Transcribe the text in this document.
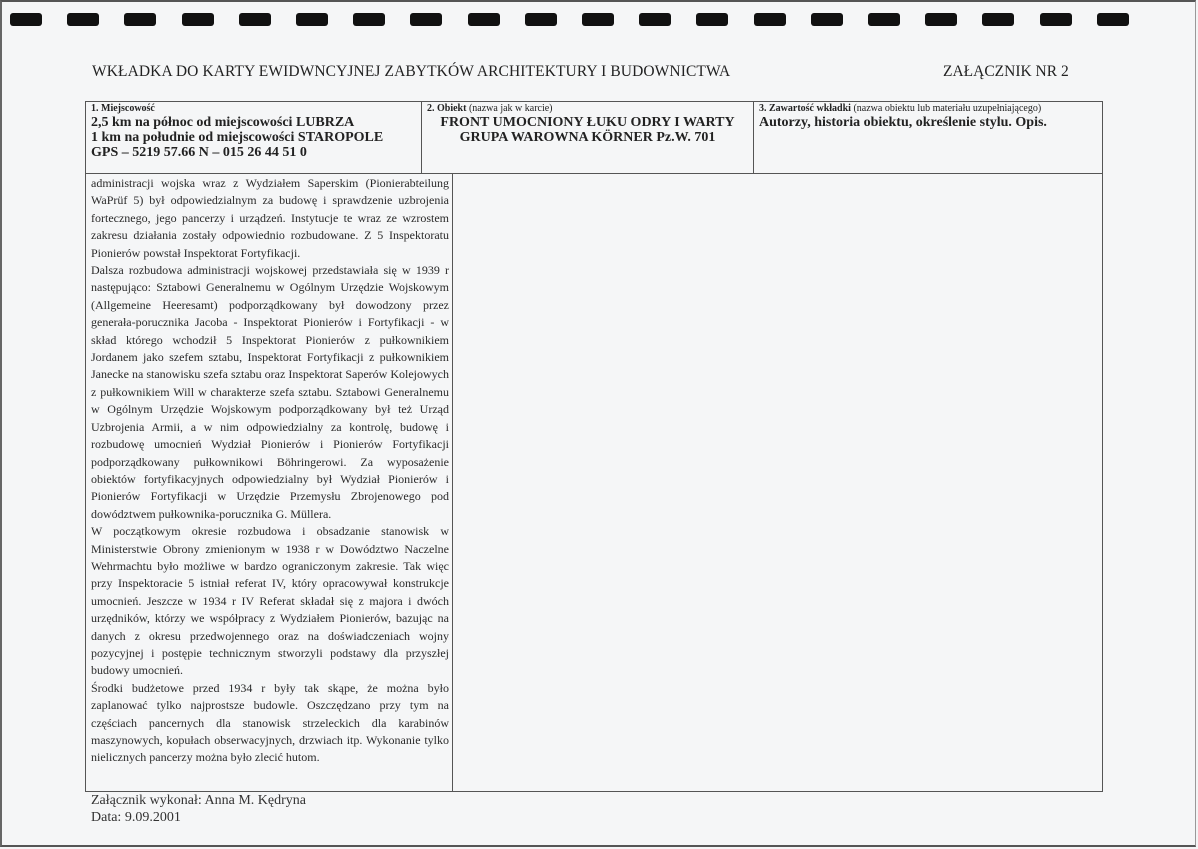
WKŁADKA DO KARTY EWIDWNCYJNEJ ZABYTKÓW ARCHITEKTURY I BUDOWNICTWA	ZAŁĄCZNIK NR 2
1. Miejscowość
2,5 km na północ od miejscowości LUBRZA
1 km na południe od miejscowości STAROPOLE
GPS – 5219 57.66 N – 015 26 44 51 0
2. Obiekt (nazwa jak w karcie)
FRONT UMOCNIONY ŁUKU ODRY I WARTY
GRUPA WAROWNA KÖRNER Pz.W. 701
3. Zawartość wkładki (nazwa obiektu lub materiału uzupełniającego)
Autorzy, historia obiektu, określenie stylu. Opis.

administracji wojska wraz z Wydziałem Saperskim (Pionierabteilung WaPrüf 5) był odpowiedzialnym za budowę i sprawdzenie uzbrojenia fortecznego, jego pancerzy i urządzeń. Instytucje te wraz ze wzrostem zakresu działania zostały odpowiednio rozbudowane. Z 5 Inspektoratu Pionierów powstał Inspektorat Fortyfikacji.

Dalsza rozbudowa administracji wojskowej przedstawiała się w 1939 r następująco: Sztabowi Generalnemu w Ogólnym Urzędzie Wojskowym (Allgemeine Heeresamt) podporządkowany był dowodzony przez generała-porucznika Jacoba - Inspektorat Pionierów i Fortyfikacji - w skład którego wchodził 5 Inspektorat Pionierów z pułkownikiem Jordanem jako szefem sztabu, Inspektorat Fortyfikacji z pułkownikiem Janecke na stanowisku szefa sztabu oraz Inspektorat Saperów Kolejowych z pułkownikiem Will w charakterze szefa sztabu. Sztabowi Generalnemu w Ogólnym Urzędzie Wojskowym podporządkowany był też Urząd Uzbrojenia Armii, a w nim odpowiedzialny za kontrolę, budowę i rozbudowę umocnień Wydział Pionierów i Pionierów Fortyfikacji podporządkowany pułkownikowi Böhringerowi. Za wyposażenie obiektów fortyfikacyjnych odpowiedzialny był Wydział Pionierów i Pionierów Fortyfikacji w Urzędzie Przemysłu Zbrojenowego pod dowództwem pułkownika-porucznika G. Müllera.

W początkowym okresie rozbudowa i obsadzanie stanowisk w Ministerstwie Obrony zmienionym w 1938 r w Dowództwo Naczelne Wehrmachtu było możliwe w bardzo ograniczonym zakresie. Tak więc przy Inspektoracie 5 istniał referat IV, który opracowywał konstrukcje umocnień. Jeszcze w 1934 r IV Referat składał się z majora i dwóch urzędników, którzy we współpracy z Wydziałem Pionierów, bazując na danych z okresu przedwojennego oraz na doświadczeniach wojny pozycyjnej i postępie technicznym stworzyli podstawy dla przyszłej budowy umocnień.

Środki budżetowe przed 1934 r były tak skąpe, że można było zaplanować tylko najprostsze budowle. Oszczędzano przy tym na częściach pancernych dla stanowisk strzeleckich dla karabinów maszynowych, kopułach obserwacyjnych, drzwiach itp. Wykonanie tylko nielicznych pancerzy można było zlecić hutom.

Załącznik wykonał: Anna M. Kędryna
Data: 9.09.2001
